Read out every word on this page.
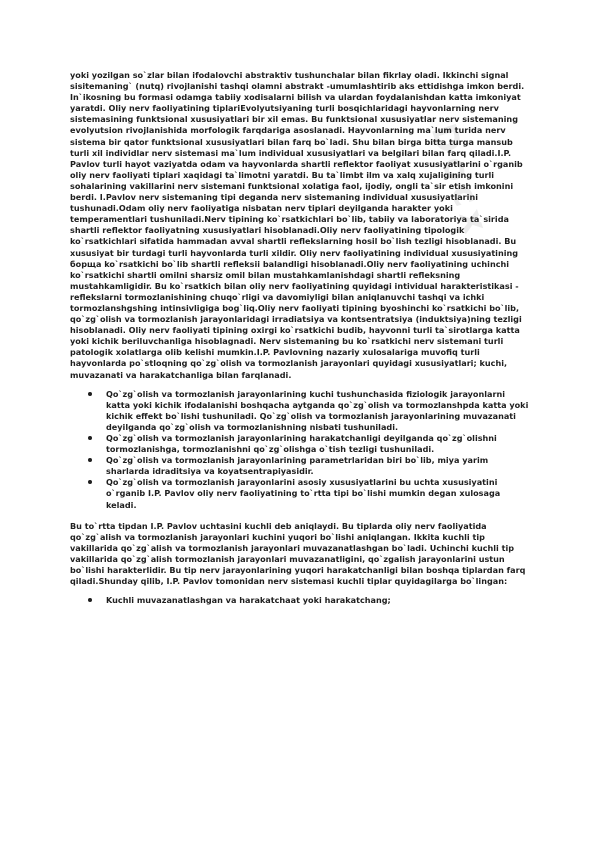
Docx

yoki yozilgan so`zlar bilan ifodalovchi abstraktiv tushunchalar bilan fikrlay oladi. Ikkinchi signal sisitemaning` (nutq) rivojlanishi tashqi olamni abstrakt -umumlashtirib aks ettidishga imkon berdi. In`ikosning bu formasi odamga tabiiy xodisalarni bilish va ulardan foydalanishdan katta imkoniyat yaratdi. Oliy nerv faoliyatining tiplariEvolyutsiyaning turli bosqichlaridagi hayvonlarning nerv sistemasining funktsional xususiyatlari bir xil emas. Bu funktsional xususiyatlar nerv sistemaning evolyutsion rivojlanishida morfologik farqdariga asoslanadi. Hayvonlarning ma`lum turida nerv sistema bir qator funktsional xususiyatlari bilan farq bo`ladi. Shu bilan birga bitta turga mansub turli xil individlar nerv sistemasi ma`lum individual xususiyatlari va belgilari bilan farq qiladi.I.P. Pavlov turli hayot vaziyatda odam va hayvonlarda shartli reflektor faoliyat xususiyatlarini o`rganib oliy nerv faoliyati tiplari xaqidagi ta`limotni yaratdi. Bu ta`limbt ilm va xalq xujaligining turli sohalarining vakillarini nerv sistemani funktsional xolatiga faol, ijodiy, ongli ta`sir etish imkonini berdi. I.Pavlov nerv sistemaning tipi deganda nerv sistemaning individual xususiyatlarini tushunadi.Odam oliy nerv faoliyatiga nisbatan nerv tiplari deyilganda harakter yoki temperamentlari tushuniladi.Nerv tipining ko`rsatkichlari bo`lib, tabiiy va laboratoriya ta`sirida shartli reflektor faoliyatning xususiyatlari hisoblanadi.Oliy nerv faoliyatining tipologik ko`rsatkichlari sifatida hammadan avval shartli reflekslarning hosil bo`lish tezligi hisoblanadi. Bu xususiyat bir turdagi turli hayvonlarda turli xildir. Oliy nerv faoliyatining individual xususiyatining борща ko`rsatkichi bo`lib shartli refleksii balandligi hisoblanadi.Oliy nerv faoliyatining uchinchi ko`rsatkichi shartli omilni sharsiz omil bilan mustahkamlanishdagi shartli refleksning mustahkamligidir. Bu ko`rsatkich bilan oliy nerv faoliyatining quyidagi intividual harakteristikasi - reflekslarni tormozlanishining chuqo`rligi va davomiyligi bilan aniqlanuvchi tashqi va ichki tormozlanshgshing intinsivligiga bog`liq.Oliy nerv faoliyati tipining byoshinchi ko`rsatkichi bo`lib, qo`zg`olish va tormozlanish jarayonlaridagi irradiatsiya va kontsentratsiya (induktsiya)ning tezligi hisoblanadi. Oliy nerv faoliyati tipining oxirgi ko`rsatkichi budib, hayvonni turli ta`sirotlarga katta yoki kichik beriluvchanliga hisoblagnadi. Nerv sistemaning bu ko`rsatkichi nerv sistemani turli patologik xolatlarga olib kelishi mumkin.I.P. Pavlovning nazariy xulosalariga muvofiq turli hayvonlarda po`stloqning qo`zg`olish va tormozlanish jarayonlari quyidagi xususiyatlari; kuchi, muvazanati va harakatchanliga bilan farqlanadi.

Qo`zg`olish va tormozlanish jarayonlarining kuchi tushunchasida fiziologik jarayonlarni katta yoki kichik ifodalanishi boshqacha aytganda qo`zg`olish va tormozlanshpda katta yoki kichik effekt bo`lishi tushuniladi. Qo`zg`olish va tormozlanish jarayonlarining muvazanati deyilganda qo`zg`olish va tormozlanishning nisbati tushuniladi.
Qo`zg`olish va tormozlanish jarayonlarining harakatchanligi deyilganda qo`zg`olishni tormozlanishga, tormozlanishni qo`zg`olishga o`tish tezligi tushuniladi.
Qo`zg`olish va tormozlanish jarayonlarining parametrlaridan biri bo`lib, miya yarim sharlarda idraditsiya va koyatsentrapiyasidir.
Qo`zg`olish va tormozlanish jarayonlarini asosiy xususiyatlarini bu uchta xususiyatini o`rganib I.P. Pavlov oliy nerv faoliyatining to`rtta tipi bo`lishi mumkin degan xulosaga keladi.

Bu to`rtta tipdan I.P. Pavlov uchtasini kuchli deb aniqlaydi. Bu tiplarda oliy nerv faoliyatida qo`zg`alish va tormozlanish jarayonlari kuchini yuqori bo`lishi aniqlangan. Ikkita kuchli tip vakillarida qo`zg`alish va tormozlanish jarayonlari muvazanatlashgan bo`ladi. Uchinchi kuchli tip vakillarida qo`zg`alish tormozlanish jarayonlari muvazanatligini, qo`zgalish jarayonlarini ustun bo`lishi harakterlidir. Bu tip nerv jarayonlarining yuqori harakatchanligi bilan boshqa tiplardan farq qiladi.Shunday qilib, I.P. Pavlov tomonidan nerv sistemasi kuchli tiplar quyidagilarga bo`lingan:

Kuchli muvazanatlashgan va harakatchaat yoki harakatchang;
